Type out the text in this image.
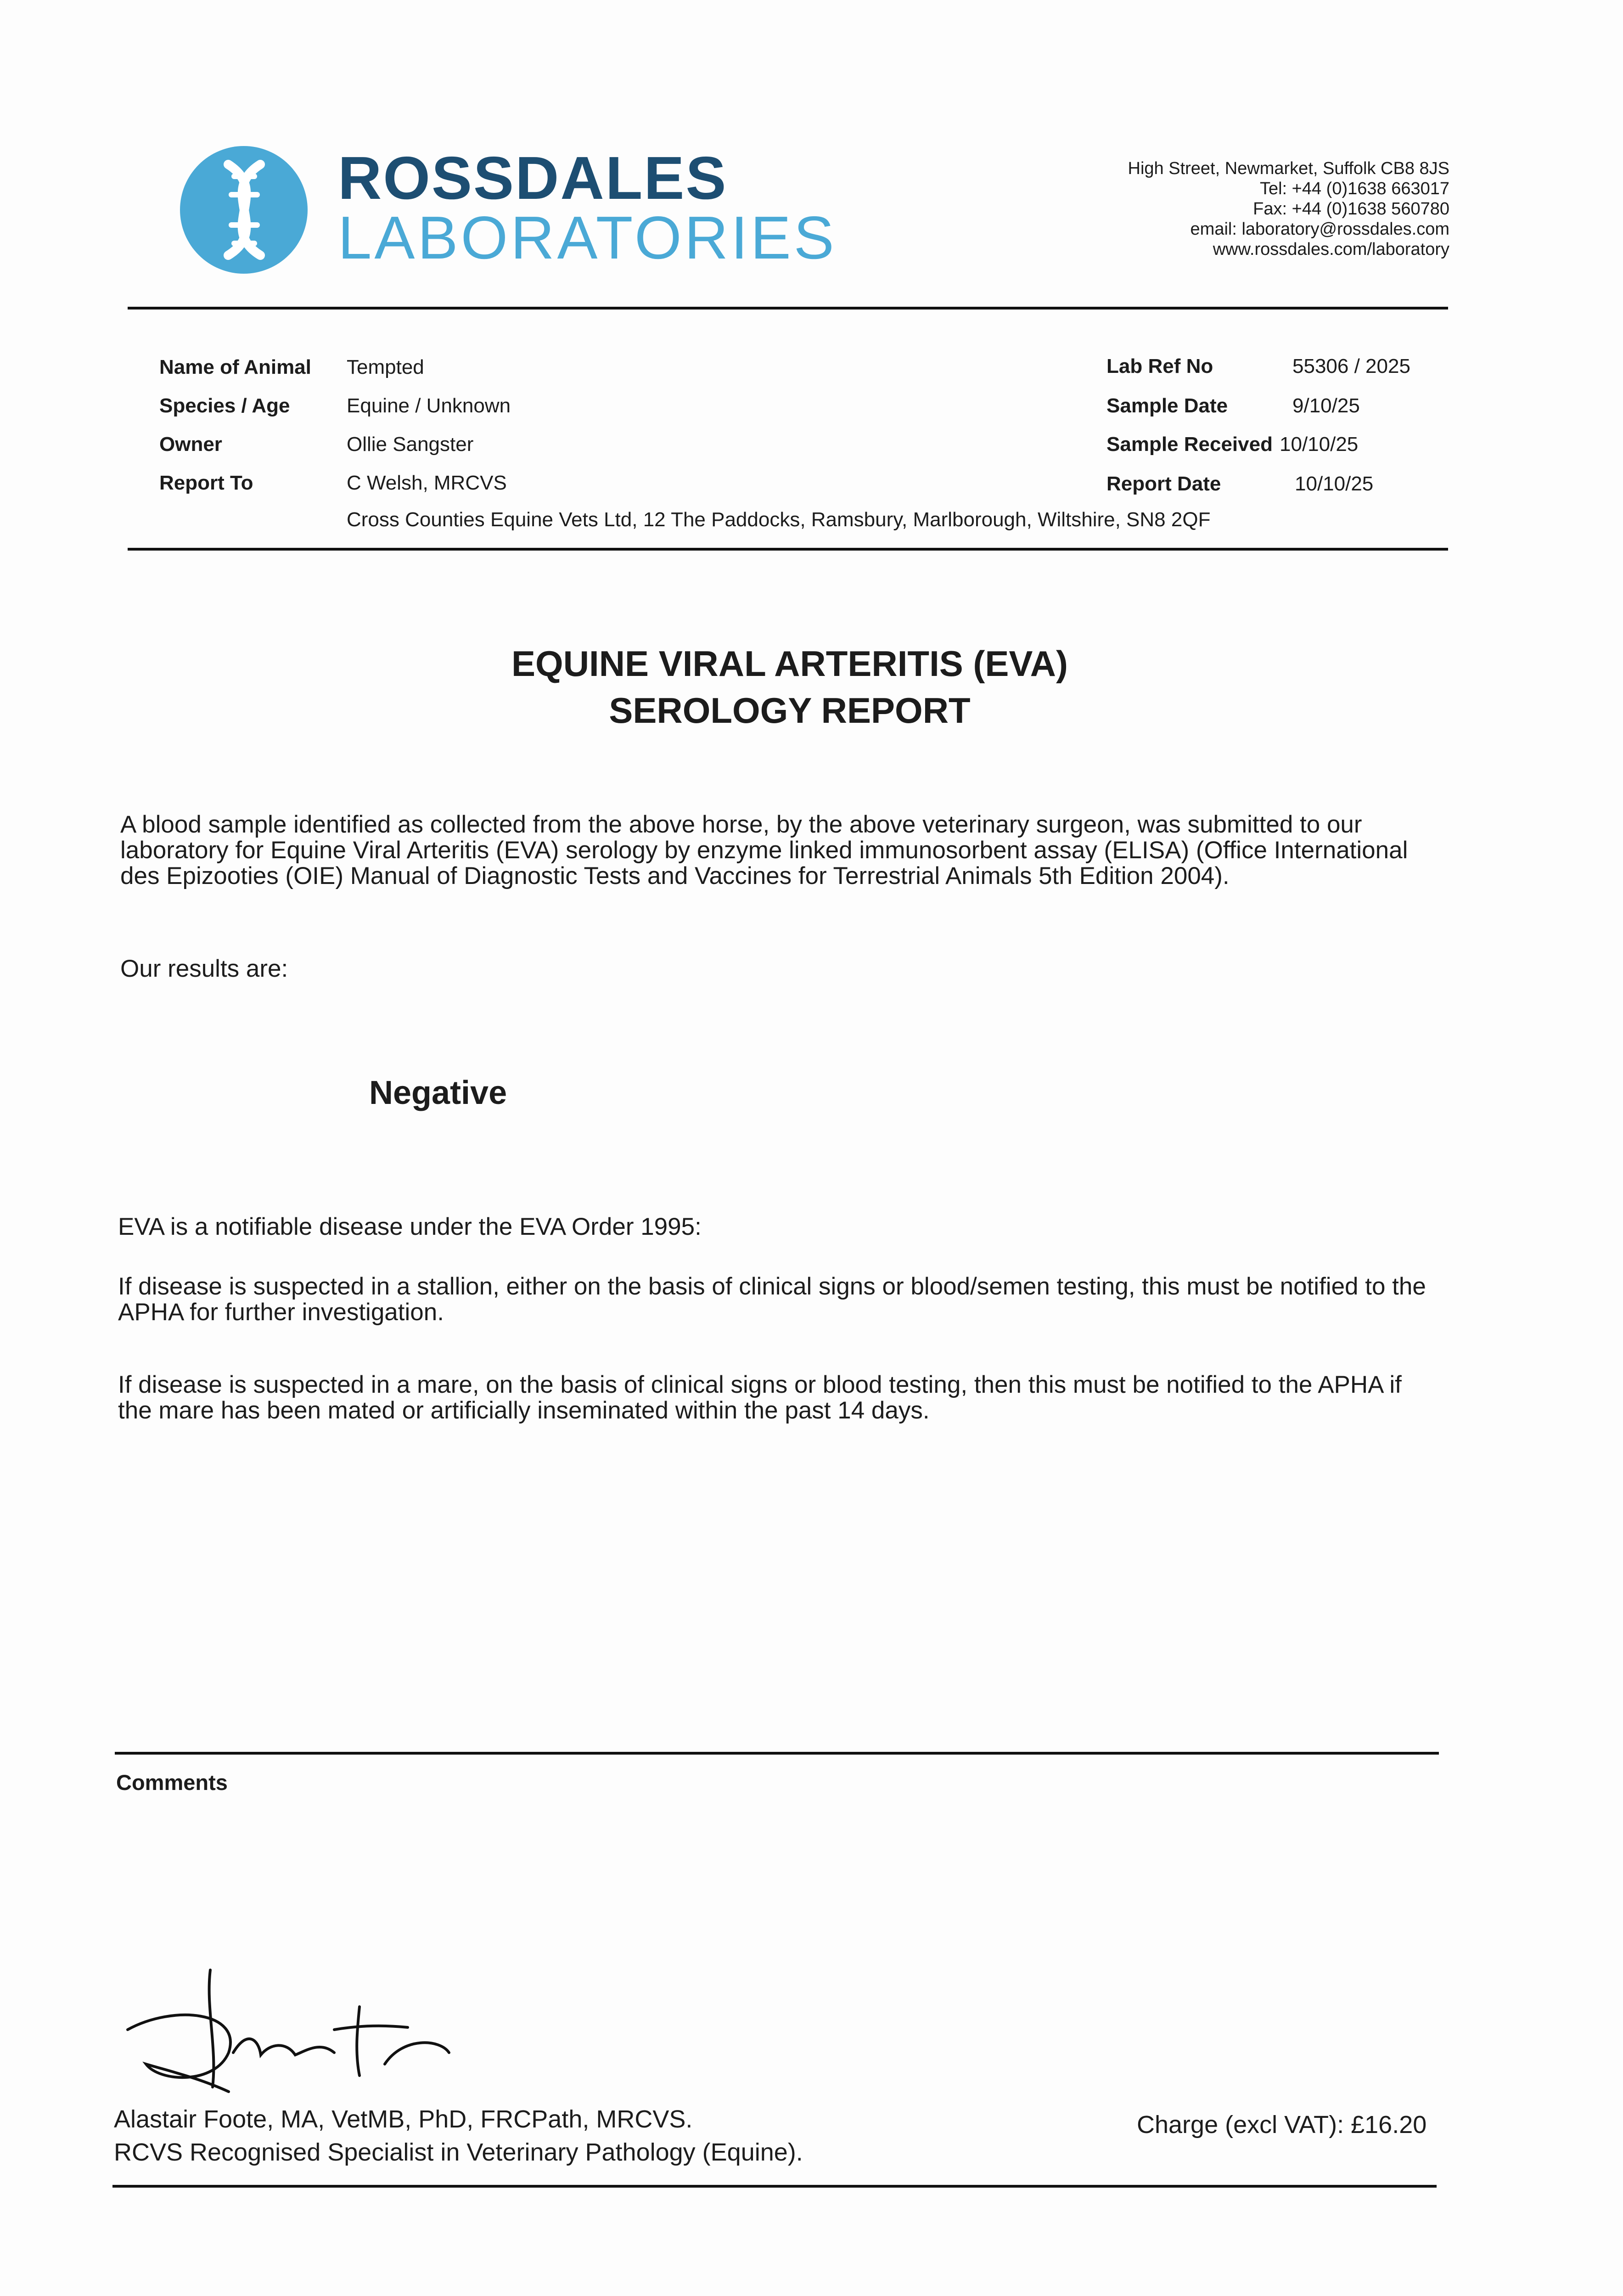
ROSSDALES
LABORATORIES
High Street, Newmarket, Suffolk CB8 8JS
Tel: +44 (0)1638 663017
Fax: +44 (0)1638 560780
email: laboratory@rossdales.com
www.rossdales.com/laboratory
Name of Animal Tempted
Species / Age	Equine / Unknown
Owner	Ollie Sangster
Report To	C Welsh, MRCVS
Cross Counties Equine Vets Ltd, 12 The Paddocks, Ramsbury, Marlborough, Wiltshire, SN8 2QF
Lab Ref No	55306 / 2025
Sample Date	9/10/25
Sample Received 10/10/25
Report Date	10/10/25
EQUINE VIRAL ARTERITIS (EVA)
SEROLOGY REPORT
A blood sample identified as collected from the above horse, by the above veterinary surgeon, was submitted to our laboratory for Equine Viral Arteritis (EVA) serology by enzyme linked immunosorbent assay (ELISA) (Office International des Epizooties (OIE) Manual of Diagnostic Tests and Vaccines for Terrestrial Animals 5th Edition 2004).
Our results are:
Negative
EVA is a notifiable disease under the EVA Order 1995:
If disease is suspected in a stallion, either on the basis of clinical signs or blood/semen testing, this must be notified to the APHA for further investigation.
If disease is suspected in a mare, on the basis of clinical signs or blood testing, then this must be notified to the APHA if the mare has been mated or artificially inseminated within the past 14 days.
Comments
Alastair Foote, MA, VetMB, PhD, FRCPath, MRCVS.
RCVS Recognised Specialist in Veterinary Pathology (Equine).
Charge (excl VAT): £16.20
